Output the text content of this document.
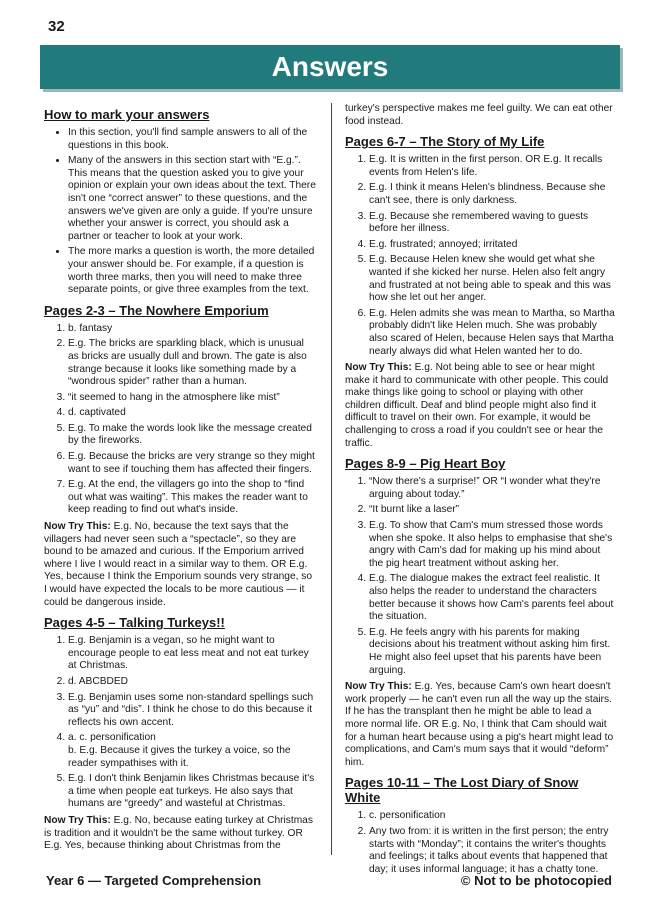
32
Answers
How to mark your answers
• In this section, you'll find sample answers to all of the questions in this book.
• Many of the answers in this section start with “E.g.”. This means that the question asked you to give your opinion or explain your own ideas about the text. There isn't one “correct answer” to these questions, and the answers we've given are only a guide. If you're unsure whether your answer is correct, you should ask a partner or teacher to look at your work.
• The more marks a question is worth, the more detailed your answer should be. For example, if a question is worth three marks, then you will need to make three separate points, or give three examples from the text.
Pages 2-3 – The Nowhere Emporium
1. b. fantasy
2. E.g. The bricks are sparkling black, which is unusual as bricks are usually dull and brown. The gate is also strange because it looks like something made by a “wondrous spider” rather than a human.
3. “it seemed to hang in the atmosphere like mist”
4. d. captivated
5. E.g. To make the words look like the message created by the fireworks.
6. E.g. Because the bricks are very strange so they might want to see if touching them has affected their fingers.
7. E.g. At the end, the villagers go into the shop to “find out what was waiting”. This makes the reader want to keep reading to find out what's inside.
Now Try This: E.g. No, because the text says that the villagers had never seen such a “spectacle”, so they are bound to be amazed and curious. If the Emporium arrived where I live I would react in a similar way to them. OR E.g. Yes, because I think the Emporium sounds very strange, so I would have expected the locals to be more cautious — it could be dangerous inside.
Pages 4-5 – Talking Turkeys!!
1. E.g. Benjamin is a vegan, so he might want to encourage people to eat less meat and not eat turkey at Christmas.
2. d. ABCBDED
3. E.g. Benjamin uses some non-standard spellings such as “yu” and “dis”. I think he chose to do this because it reflects his own accent.
4. a. c. personification
b. E.g. Because it gives the turkey a voice, so the reader sympathises with it.
5. E.g. I don't think Benjamin likes Christmas because it's a time when people eat turkeys. He also says that humans are “greedy” and wasteful at Christmas.
Now Try This: E.g. No, because eating turkey at Christmas is tradition and it wouldn't be the same without turkey. OR E.g. Yes, because thinking about Christmas from the
turkey's perspective makes me feel guilty. We can eat other food instead.
Pages 6-7 – The Story of My Life
1. E.g. It is written in the first person. OR E.g. It recalls events from Helen's life.
2. E.g. I think it means Helen's blindness. Because she can't see, there is only darkness.
3. E.g. Because she remembered waving to guests before her illness.
4. E.g. frustrated; annoyed; irritated
5. E.g. Because Helen knew she would get what she wanted if she kicked her nurse. Helen also felt angry and frustrated at not being able to speak and this was how she let out her anger.
6. E.g. Helen admits she was mean to Martha, so Martha probably didn't like Helen much. She was probably also scared of Helen, because Helen says that Martha nearly always did what Helen wanted her to do.
Now Try This: E.g. Not being able to see or hear might make it hard to communicate with other people. This could make things like going to school or playing with other children difficult. Deaf and blind people might also find it difficult to travel on their own. For example, it would be challenging to cross a road if you couldn't see or hear the traffic.
Pages 8-9 – Pig Heart Boy
1. “Now there's a surprise!” OR “I wonder what they're arguing about today.”
2. “It burnt like a laser”
3. E.g. To show that Cam's mum stressed those words when she spoke. It also helps to emphasise that she's angry with Cam's dad for making up his mind about the pig heart treatment without asking her.
4. E.g. The dialogue makes the extract feel realistic. It also helps the reader to understand the characters better because it shows how Cam's parents feel about the situation.
5. E.g. He feels angry with his parents for making decisions about his treatment without asking him first. He might also feel upset that his parents have been arguing.
Now Try This: E.g. Yes, because Cam's own heart doesn't work properly — he can't even run all the way up the stairs. If he has the transplant then he might be able to lead a more normal life. OR E.g. No, I think that Cam should wait for a human heart because using a pig's heart might lead to complications, and Cam's mum says that it would “deform” him.
Pages 10-11 – The Lost Diary of Snow White
1. c. personification
2. Any two from: it is written in the first person; the entry starts with “Monday”; it contains the writer's thoughts and feelings; it talks about events that happened that day; it uses informal language; it has a chatty tone.
Year 6 — Targeted Comprehension	© Not to be photocopied
